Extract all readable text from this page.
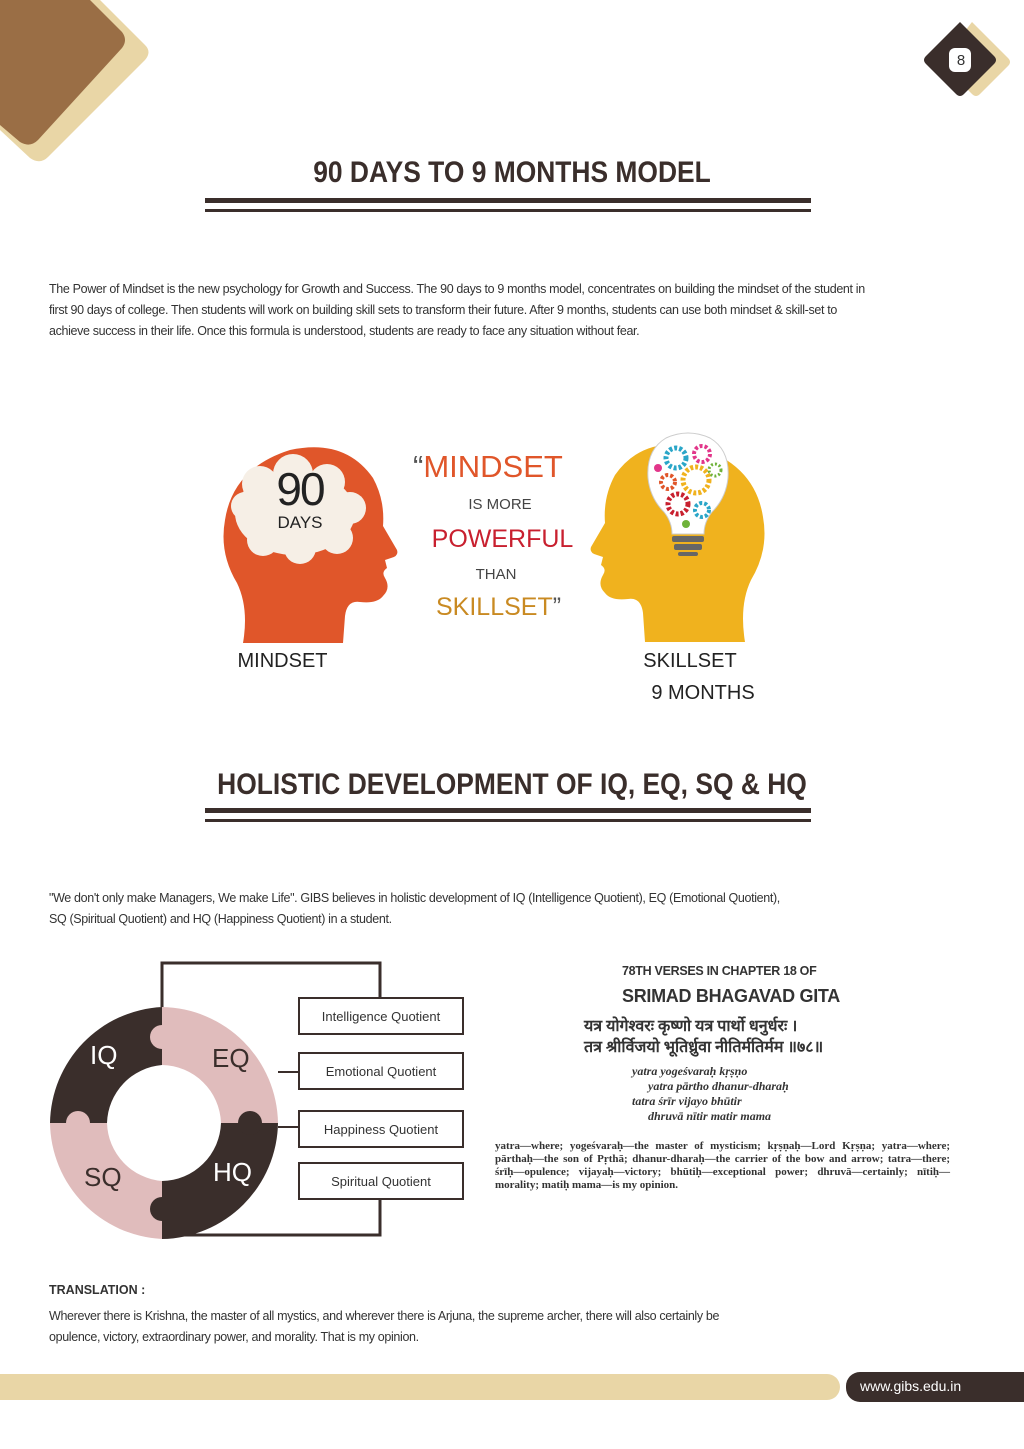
8
90 DAYS TO 9 MONTHS MODEL
The Power of Mindset is the new psychology for Growth and Success. The 90 days to 9 months model, concentrates on building the mindset of the student in
first 90 days of college. Then students will work on building skill sets to transform their future. After 9 months, students can use both mindset & skill-set to
achieve success in their life. Once this formula is understood, students are ready to face any situation without fear.
90
DAYS
“MINDSET
IS MORE
POWERFUL
THAN
SKILLSET”
MINDSET	SKILLSET
9 MONTHS
HOLISTIC DEVELOPMENT OF IQ, EQ, SQ & HQ
"We don't only make Managers, We make Life". GIBS believes in holistic development of IQ (Intelligence Quotient), EQ (Emotional Quotient),
SQ (Spiritual Quotient) and HQ (Happiness Quotient) in a student.
IQ	EQ
SQ	HQ
Intelligence Quotient
Emotional Quotient
Happiness Quotient
Spiritual Quotient
78TH VERSES IN CHAPTER 18 OF
SRIMAD BHAGAVAD GITA
यत्र योगेश्वरः कृष्णो यत्र पार्थो धनुर्धरः ।
तत्र श्रीर्विजयो भूतिर्ध्रुवा नीतिर्मतिर्मम ॥७८॥
yatra yogeśvaraḥ kṛṣṇo
yatra pārtho dhanur-dharaḥ
tatra śrīr vijayo bhūtir
dhruvā nītir matir mama
yatra—where; yogeśvaraḥ—the master of mysticism; kṛṣṇaḥ—Lord Kṛṣṇa; yatra—where; pārthaḥ—the son of Pṛthā; dhanur-dharaḥ—the carrier of the bow and arrow; tatra—there; śrīḥ—opulence; vijayaḥ—victory; bhūtiḥ—exceptional power; dhruvā—certainly; nītiḥ—morality; matiḥ mama—is my opinion.
TRANSLATION :
Wherever there is Krishna, the master of all mystics, and wherever there is Arjuna, the supreme archer, there will also certainly be
opulence, victory, extraordinary power, and morality. That is my opinion.
www.gibs.edu.in
